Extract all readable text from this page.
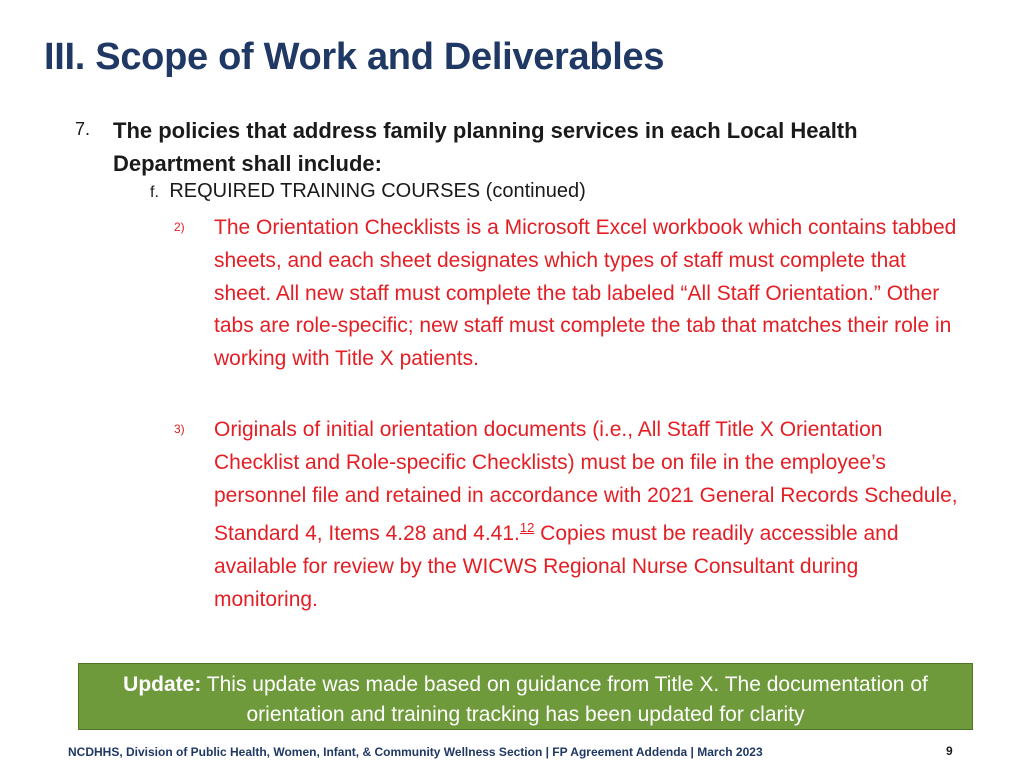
III. Scope of Work and Deliverables
7. The policies that address family planning services in each Local Health Department shall include:
f. REQUIRED TRAINING COURSES (continued)
2) The Orientation Checklists is a Microsoft Excel workbook which contains tabbed sheets, and each sheet designates which types of staff must complete that sheet. All new staff must complete the tab labeled “All Staff Orientation.” Other tabs are role-specific; new staff must complete the tab that matches their role in working with Title X patients.
3) Originals of initial orientation documents (i.e., All Staff Title X Orientation Checklist and Role-specific Checklists) must be on file in the employee’s personnel file and retained in accordance with 2021 General Records Schedule, Standard 4, Items 4.28 and 4.41.12 Copies must be readily accessible and available for review by the WICWS Regional Nurse Consultant during monitoring.
Update: This update was made based on guidance from Title X. The documentation of orientation and training tracking has been updated for clarity
NCDHHS, Division of Public Health, Women, Infant, & Community Wellness Section | FP Agreement Addenda | March 2023	9
